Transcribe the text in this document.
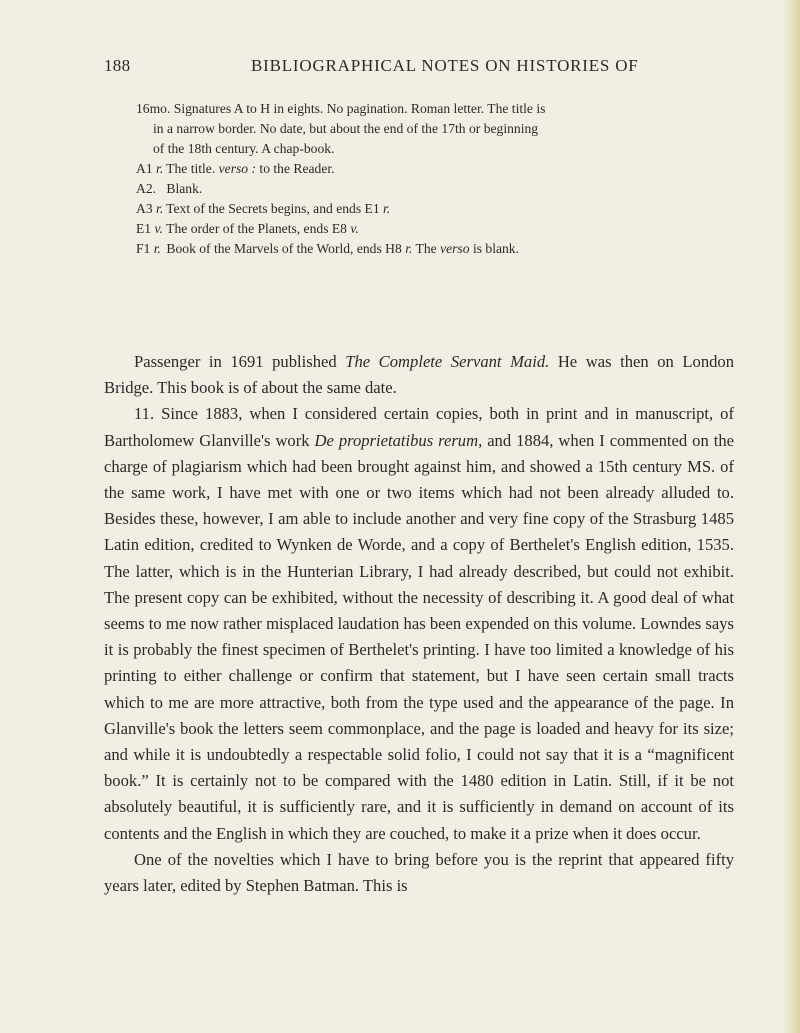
188	BIBLIOGRAPHICAL NOTES ON HISTORIES OF
16mo. Signatures A to H in eights. No pagination. Roman letter. The title is
in a narrow border. No date, but about the end of the 17th or beginning
of the 18th century. A chap-book.
A1 r. The title. verso : to the Reader.
A2. Blank.
A3 r. Text of the Secrets begins, and ends E1 r.
E1 v. The order of the Planets, ends E8 v.
F1 r. Book of the Marvels of the World, ends H8 r. The verso is blank.

Passenger in 1691 published The Complete Servant Maid. He was then on London Bridge. This book is of about the same date.

11. Since 1883, when I considered certain copies, both in print and in manuscript, of Bartholomew Glanville's work De proprietatibus rerum, and 1884, when I commented on the charge of plagiarism which had been brought against him, and showed a 15th century MS. of the same work, I have met with one or two items which had not been already alluded to. Besides these, however, I am able to include another and very fine copy of the Strasburg 1485 Latin edition, credited to Wynken de Worde, and a copy of Berthelet's English edition, 1535. The latter, which is in the Hunterian Library, I had already described, but could not exhibit. The present copy can be exhibited, without the necessity of describing it. A good deal of what seems to me now rather misplaced laudation has been expended on this volume. Lowndes says it is probably the finest specimen of Berthelet's printing. I have too limited a knowledge of his printing to either challenge or confirm that statement, but I have seen certain small tracts which to me are more attractive, both from the type used and the appearance of the page. In Glanville's book the letters seem commonplace, and the page is loaded and heavy for its size; and while it is undoubtedly a respectable solid folio, I could not say that it is a “magnificent book.” It is certainly not to be compared with the 1480 edition in Latin. Still, if it be not absolutely beautiful, it is sufficiently rare, and it is sufficiently in demand on account of its contents and the English in which they are couched, to make it a prize when it does occur.

One of the novelties which I have to bring before you is the reprint that appeared fifty years later, edited by Stephen Batman. This is
